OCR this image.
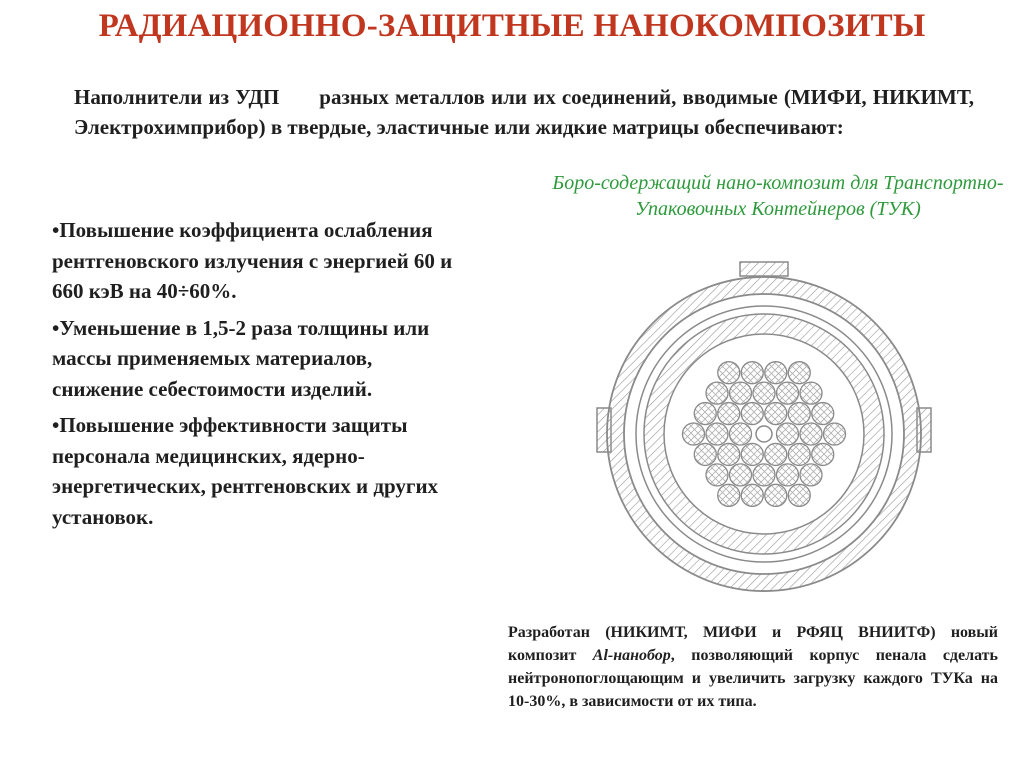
РАДИАЦИОННО-ЗАЩИТНЫЕ НАНОКОМПОЗИТЫ
Наполнители из УДП разных металлов или их соединений, вводимые (МИФИ, НИКИМТ, Электрохимприбор) в твердые, эластичные или жидкие матрицы обеспечивают:
•Повышение коэффициента ослабления рентгеновского излучения с энергией 60 и 660 кэВ на 40÷60%.
•Уменьшение в 1,5-2 раза толщины или массы применяемых материалов, снижение себестоимости изделий.
•Повышение эффективности защиты персонала медицинских, ядерно-энергетических, рентгеновских и других установок.
Боро-содержащий нано-композит для Транспортно-Упаковочных Контейнеров (ТУК)
Разработан (НИКИМТ, МИФИ и РФЯЦ ВНИИТФ) новый композит Al-нанобор, позволяющий корпус пенала сделать нейтронопоглощающим и увеличить загрузку каждого ТУКа на 10-30%, в зависимости от их типа.
